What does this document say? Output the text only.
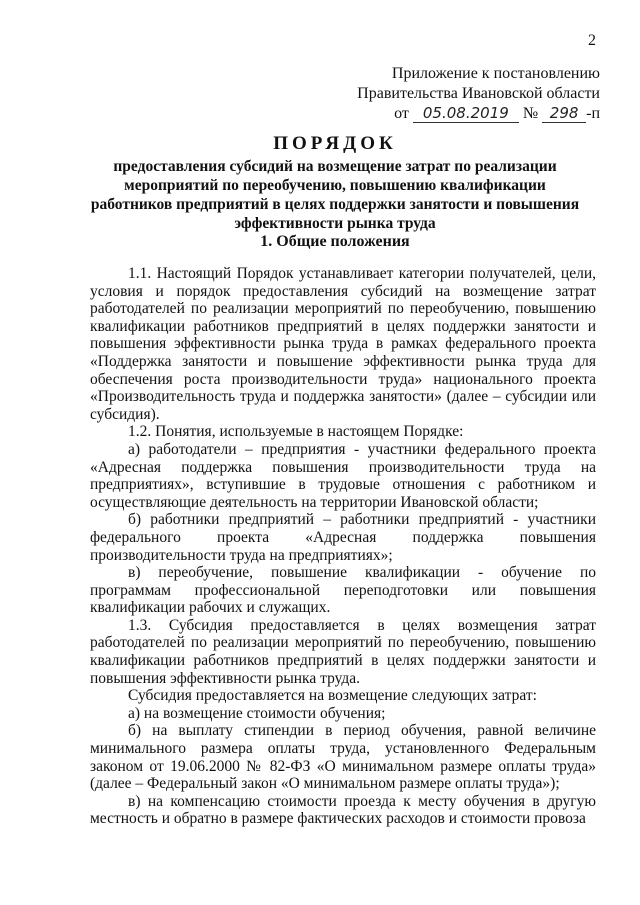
2
Приложение к постановлению
Правительства Ивановской области
от 05.08.2019 № 298 -п
ПОРЯДОК
предоставления субсидий на возмещение затрат по реализации мероприятий по переобучению, повышению квалификации работников предприятий в целях поддержки занятости и повышения эффективности рынка труда
1. Общие положения

1.1. Настоящий Порядок устанавливает категории получателей, цели, условия и порядок предоставления субсидий на возмещение затрат работодателей по реализации мероприятий по переобучению, повышению квалификации работников предприятий в целях поддержки занятости и повышения эффективности рынка труда в рамках федерального проекта «Поддержка занятости и повышение эффективности рынка труда для обеспечения роста производительности труда» национального проекта «Производительность труда и поддержка занятости» (далее – субсидии или субсидия).

1.2. Понятия, используемые в настоящем Порядке:

а) работодатели – предприятия - участники федерального проекта «Адресная поддержка повышения производительности труда на предприятиях», вступившие в трудовые отношения с работником и осуществляющие деятельность на территории Ивановской области;

б) работники предприятий – работники предприятий - участники федерального проекта «Адресная поддержка повышения производительности труда на предприятиях»;

в) переобучение, повышение квалификации - обучение по программам профессиональной переподготовки или повышения квалификации рабочих и служащих.

1.3. Субсидия предоставляется в целях возмещения затрат работодателей по реализации мероприятий по переобучению, повышению квалификации работников предприятий в целях поддержки занятости и повышения эффективности рынка труда.

Субсидия предоставляется на возмещение следующих затрат:

а) на возмещение стоимости обучения;

б) на выплату стипендии в период обучения, равной величине минимального размера оплаты труда, установленного Федеральным законом от 19.06.2000 № 82-ФЗ «О минимальном размере оплаты труда» (далее – Федеральный закон «О минимальном размере оплаты труда»);

в) на компенсацию стоимости проезда к месту обучения в другую местность и обратно в размере фактических расходов и стоимости провоза
